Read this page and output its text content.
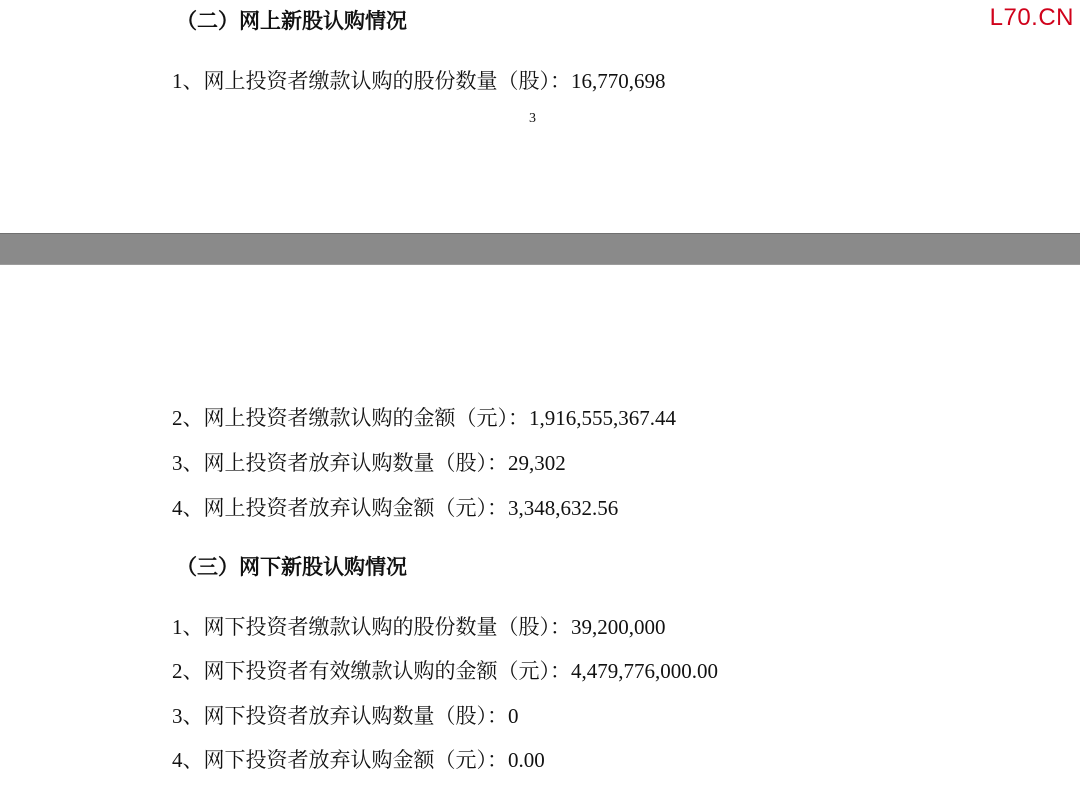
（二）网上新股认购情况
1、网上投资者缴款认购的股份数量（股）：16,770,698
3
L70.CN
2、网上投资者缴款认购的金额（元）：1,916,555,367.44
3、网上投资者放弃认购数量（股）：29,302
4、网上投资者放弃认购金额（元）：3,348,632.56
（三）网下新股认购情况
1、网下投资者缴款认购的股份数量（股）：39,200,000
2、网下投资者有效缴款认购的金额（元）：4,479,776,000.00
3、网下投资者放弃认购数量（股）：0
4、网下投资者放弃认购金额（元）：0.00
